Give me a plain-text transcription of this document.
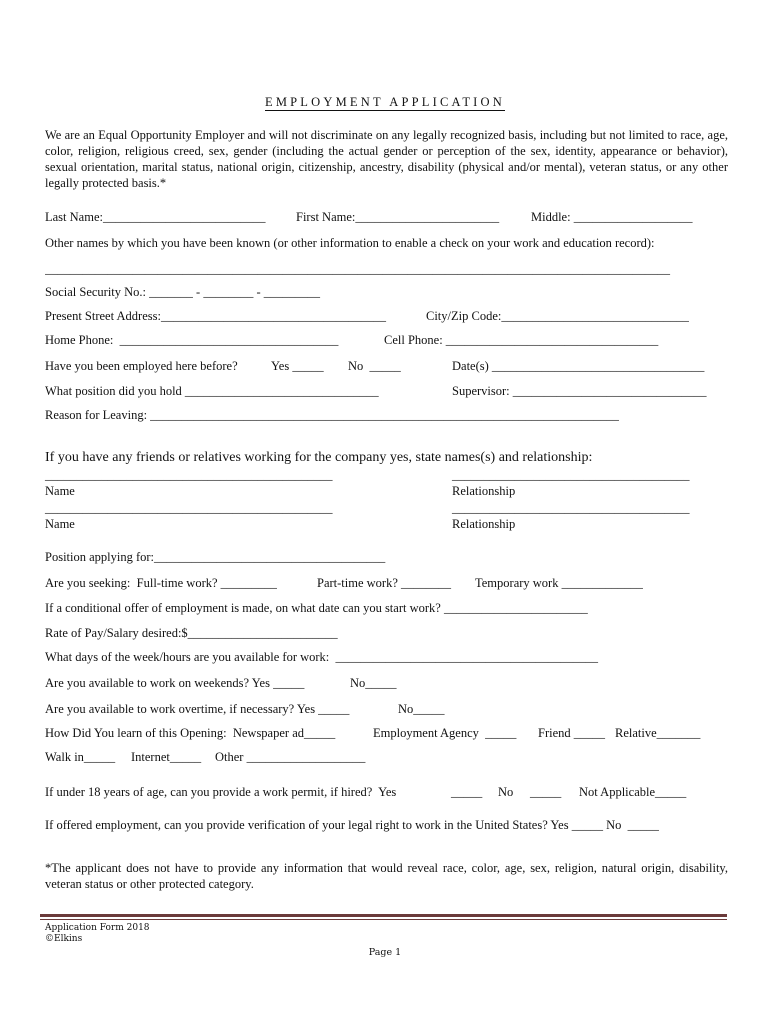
EMPLOYMENT APPLICATION
We are an Equal Opportunity Employer and will not discriminate on any legally recognized basis, including but not limited to race, age, color, religion, religious creed, sex, gender (including the actual gender or perception of the sex, identity, appearance or behavior), sexual orientation, marital status, national origin, citizenship, ancestry, disability (physical and/or mental), veteran status, or any other legally protected basis.*
Last Name:__________________________ First Name:_______________________	Middle: ___________________
Other names by which you have been known (or other information to enable a check on your work and education record):
____________________________________________________________________________________________________
Social Security No.: _______ - ________ - _________
Present Street Address:____________________________________	City/Zip Code:______________________________
Home Phone:  ___________________________________	Cell Phone: __________________________________
Have you been employed here before?	Yes _____ No  _____	Date(s) __________________________________
What position did you hold _______________________________	Supervisor: _______________________________
Reason for Leaving: ___________________________________________________________________________
If you have any friends or relatives working for the company yes, state names(s) and relationship:
______________________________________________	______________________________________
Name	Relationship
______________________________________________	______________________________________
Name	Relationship
Position applying for:_____________________________________
Are you seeking:  Full-time work? _________	Part-time work? ________ Temporary work _____________
If a conditional offer of employment is made, on what date can you start work? _______________________
Rate of Pay/Salary desired:$________________________
What days of the week/hours are you available for work:  __________________________________________
Are you available to work on weekends? Yes _____	No_____
Are you available to work overtime, if necessary? Yes _____	No_____
How Did You learn of this Opening:  Newspaper ad_____	Employment Agency  _____ Friend _____ Relative_______
Walk in_____ Internet_____ Other ___________________
If under 18 years of age, can you provide a work permit, if hired?  Yes	_____ No _____ Not Applicable_____
If offered employment, can you provide verification of your legal right to work in the United States? Yes _____ No  _____
*The applicant does not have to provide any information that would reveal race, color, age, sex, religion, natural origin, disability, veteran status or other protected category.
Application Form 2018
©Elkins
Page 1
